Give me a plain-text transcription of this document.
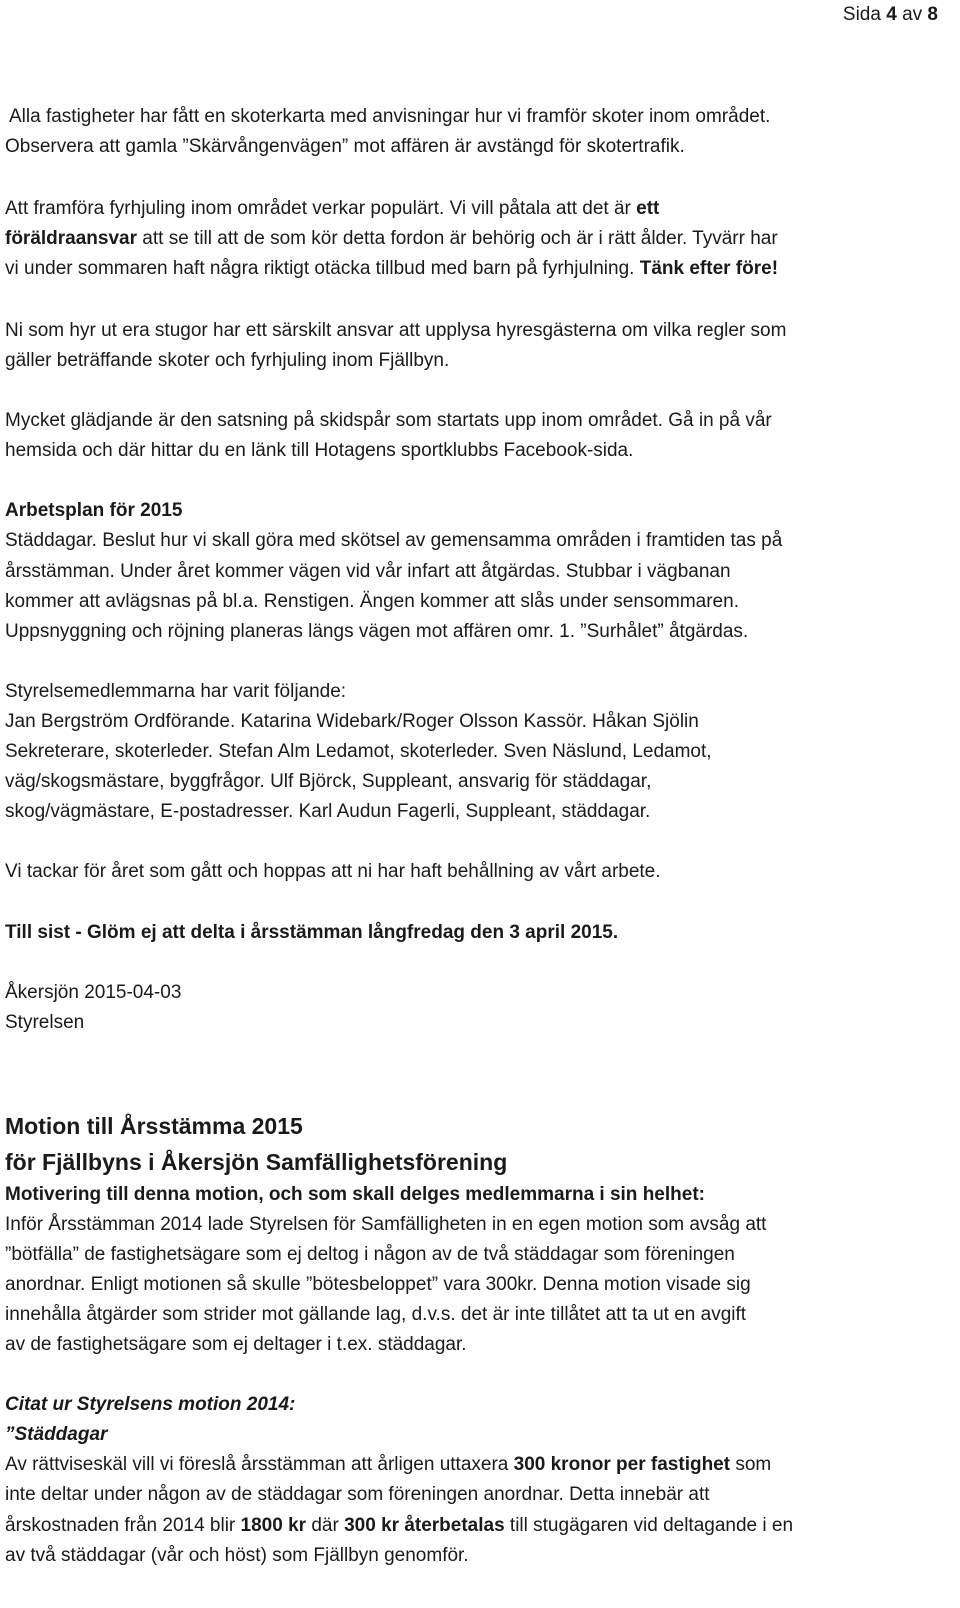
Sida 4 av 8

Alla fastigheter har fått en skoterkarta med anvisningar hur vi framför skoter inom området.

Observera att gamla ”Skärvångenvägen” mot affären är avstängd för skotertrafik.

Att framföra fyrhjuling inom området verkar populärt. Vi vill påtala att det är ett

föräldraansvar att se till att de som kör detta fordon är behörig och är i rätt ålder. Tyvärr har

vi under sommaren haft några riktigt otäcka tillbud med barn på fyrhjulning. Tänk efter före!

Ni som hyr ut era stugor har ett särskilt ansvar att upplysa hyresgästerna om vilka regler som

gäller beträffande skoter och fyrhjuling inom Fjällbyn.

Mycket glädjande är den satsning på skidspår som startats upp inom området. Gå in på vår

hemsida och där hittar du en länk till Hotagens sportklubbs Facebook-sida.

Arbetsplan för 2015

Städdagar. Beslut hur vi skall göra med skötsel av gemensamma områden i framtiden tas på

årsstämman. Under året kommer vägen vid vår infart att åtgärdas. Stubbar i vägbanan

kommer att avlägsnas på bl.a. Renstigen. Ängen kommer att slås under sensommaren.

Uppsnyggning och röjning planeras längs vägen mot affären omr. 1. ”Surhålet” åtgärdas.

Styrelsemedlemmarna har varit följande:

Jan Bergström Ordförande. Katarina Widebark/Roger Olsson Kassör. Håkan Sjölin

Sekreterare, skoterleder. Stefan Alm Ledamot, skoterleder. Sven Näslund, Ledamot,

väg/skogsmästare, byggfrågor. Ulf Björck, Suppleant, ansvarig för städdagar,

skog/vägmästare, E-postadresser. Karl Audun Fagerli, Suppleant, städdagar.

Vi tackar för året som gått och hoppas att ni har haft behållning av vårt arbete.

Till sist - Glöm ej att delta i årsstämman långfredag den 3 april 2015.

Åkersjön 2015-04-03

Styrelsen

Motion till Årsstämma 2015
för Fjällbyns i Åkersjön Samfällighetsförening

Motivering till denna motion, och som skall delges medlemmarna i sin helhet:

Inför Årsstämman 2014 lade Styrelsen för Samfälligheten in en egen motion som avsåg att

”bötfälla” de fastighetsägare som ej deltog i någon av de två städdagar som föreningen

anordnar. Enligt motionen så skulle ”bötesbeloppet” vara 300kr. Denna motion visade sig

innehålla åtgärder som strider mot gällande lag, d.v.s. det är inte tillåtet att ta ut en avgift

av de fastighetsägare som ej deltager i t.ex. städdagar.

Citat ur Styrelsens motion 2014:

”Städdagar

Av rättviseskäl vill vi föreslå årsstämman att årligen uttaxera 300 kronor per fastighet som

inte deltar under någon av de städdagar som föreningen anordnar. Detta innebär att

årskostnaden från 2014 blir 1800 kr där 300 kr återbetalas till stugägaren vid deltagande i en

av två städdagar (vår och höst) som Fjällbyn genomför.
